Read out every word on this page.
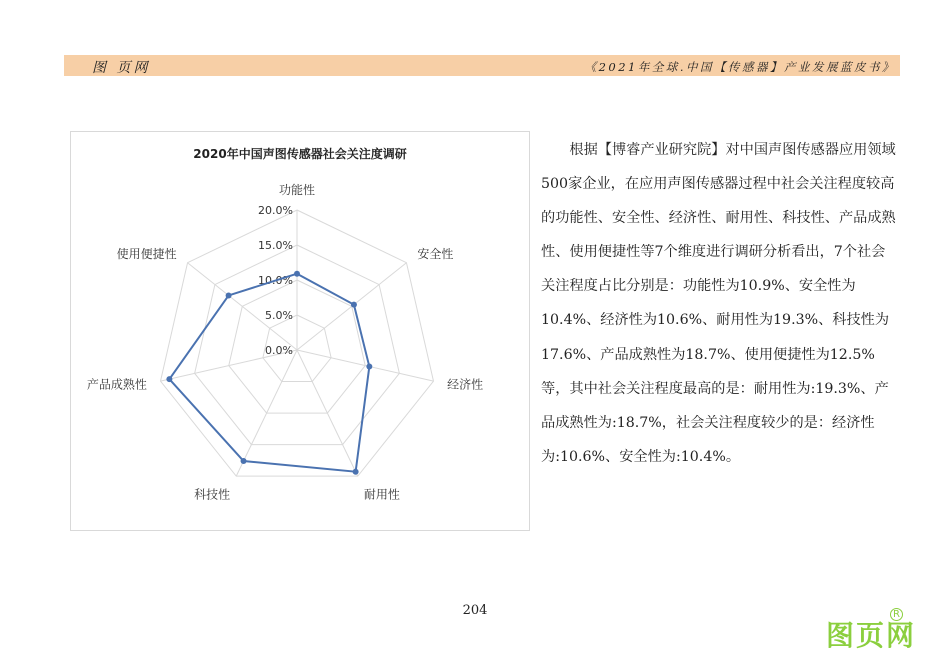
图 页网	《2021年全球.中国【传感器】产业发展蓝皮书》
2020年中国声图传感器社会关注度调研
0.0%
5.0%
10.0%
15.0%
20.0%
功能性
安全性
经济性
耐用性
科技性
产品成熟性
使用便捷性

根据【博睿产业研究院】对中国声图传感器应用领域500家企业，在应用声图传感器过程中社会关注程度较高的功能性、安全性、经济性、耐用性、科技性、产品成熟性、使用便捷性等7个维度进行调研分析看出，7个社会关注程度占比分别是：功能性为10.9%、安全性为10.4%、经济性为10.6%、耐用性为19.3%、科技性为17.6%、产品成熟性为18.7%、使用便捷性为12.5%等，其中社会关注程度最高的是：耐用性为:19.3%、产品成熟性为:18.7%，社会关注程度较少的是：经济性为:10.6%、安全性为:10.4%。

204
图页网
R
